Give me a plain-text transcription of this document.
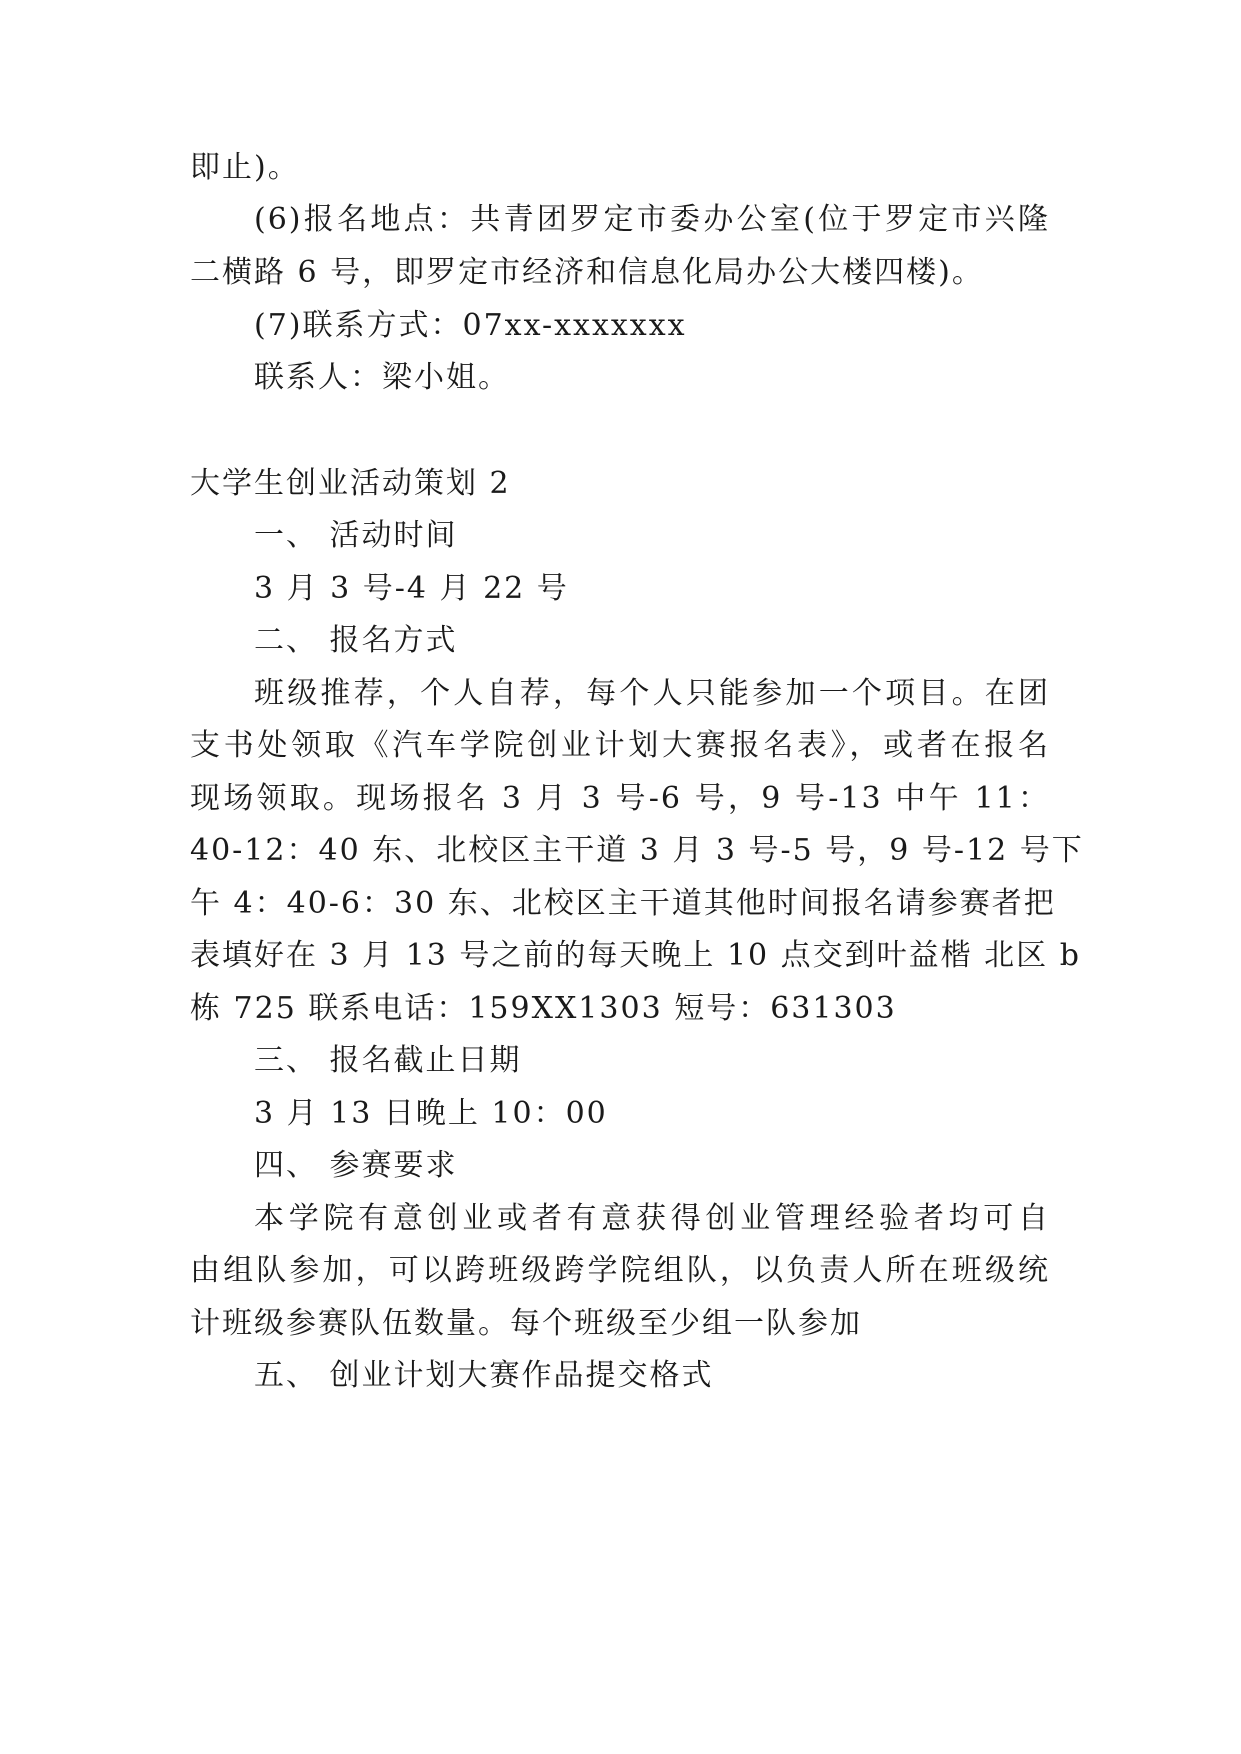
即止)。
(6)报名地点：共青团罗定市委办公室(位于罗定市兴隆
二横路 6 号，即罗定市经济和信息化局办公大楼四楼)。
(7)联系方式：07xx-xxxxxxx
联系人：梁小姐。
大学生创业活动策划 2
一、 活动时间
3 月 3 号-4 月 22 号
二、 报名方式
班级推荐，个人自荐，每个人只能参加一个项目。在团
支书处领取《汽车学院创业计划大赛报名表》，或者在报名
现场领取。现场报名 3 月 3 号-6 号，9 号-13 中午 11：
40-12：40 东、北校区主干道 3 月 3 号-5 号，9 号-12 号下
午 4：40-6：30 东、北校区主干道其他时间报名请参赛者把
表填好在 3 月 13 号之前的每天晚上 10 点交到叶益楷 北区 b
栋 725 联系电话：159XX1303 短号：631303
三、 报名截止日期
3 月 13 日晚上 10：00
四、 参赛要求
本学院有意创业或者有意获得创业管理经验者均可自
由组队参加，可以跨班级跨学院组队，以负责人所在班级统
计班级参赛队伍数量。每个班级至少组一队参加
五、 创业计划大赛作品提交格式
